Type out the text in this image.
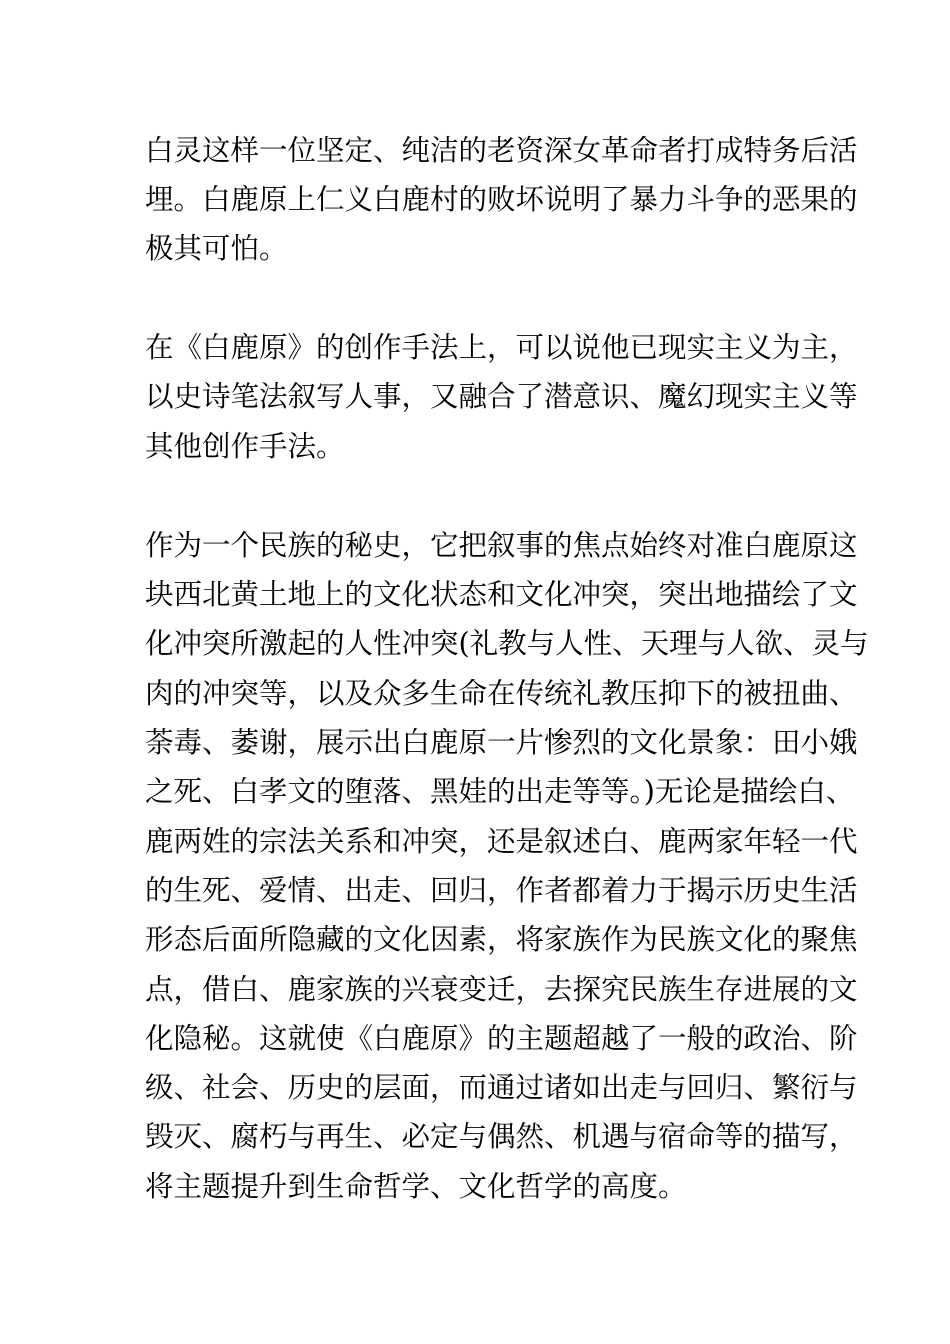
白灵这样一位坚定、纯洁的老资深女革命者打成特务后活

埋。白鹿原上仁义白鹿村的败坏说明了暴力斗争的恶果的

极其可怕。

在《白鹿原》的创作手法上，可以说他已现实主义为主，

以史诗笔法叙写人事，又融合了潜意识、魔幻现实主义等

其他创作手法。

作为一个民族的秘史，它把叙事的焦点始终对准白鹿原这

块西北黄土地上的文化状态和文化冲突，突出地描绘了文

化冲突所激起的人性冲突(礼教与人性、天理与人欲、灵与

肉的冲突等，以及众多生命在传统礼教压抑下的被扭曲、

荼毒、萎谢，展示出白鹿原一片惨烈的文化景象：田小娥

之死、白孝文的堕落、黑娃的出走等等。)无论是描绘白、

鹿两姓的宗法关系和冲突，还是叙述白、鹿两家年轻一代

的生死、爱情、出走、回归，作者都着力于揭示历史生活

形态后面所隐藏的文化因素，将家族作为民族文化的聚焦

点，借白、鹿家族的兴衰变迁，去探究民族生存进展的文

化隐秘。这就使《白鹿原》的主题超越了一般的政治、阶

级、社会、历史的层面，而通过诸如出走与回归、繁衍与

毁灭、腐朽与再生、必定与偶然、机遇与宿命等的描写，

将主题提升到生命哲学、文化哲学的高度。
